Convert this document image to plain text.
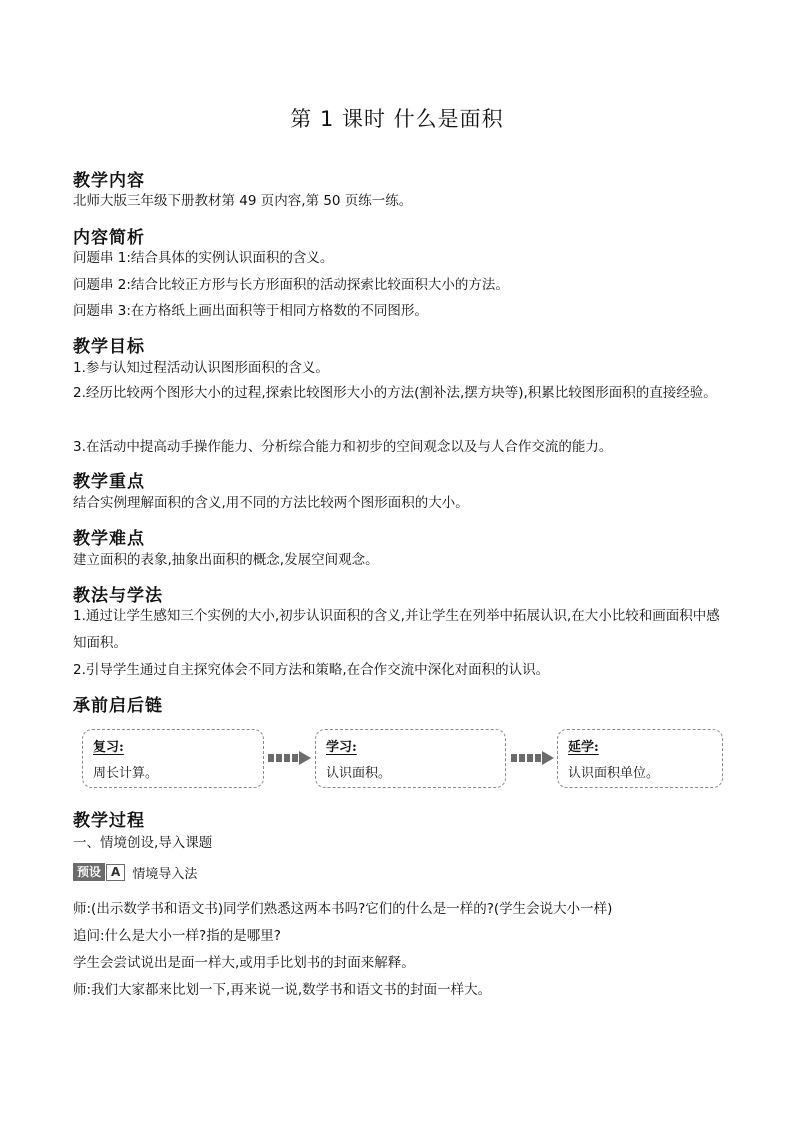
第 1 课时 什么是面积
教学内容
北师大版三年级下册教材第 49 页内容,第 50 页练一练。
内容简析
问题串 1:结合具体的实例认识面积的含义。
问题串 2:结合比较正方形与长方形面积的活动探索比较面积大小的方法。
问题串 3:在方格纸上画出面积等于相同方格数的不同图形。
教学目标
1.参与认知过程活动认识图形面积的含义。
2.经历比较两个图形大小的过程,探索比较图形大小的方法(割补法,摆方块等),积累比较图形面积的直接经验。
3.在活动中提高动手操作能力、分析综合能力和初步的空间观念以及与人合作交流的能力。
教学重点
结合实例理解面积的含义,用不同的方法比较两个图形面积的大小。
教学难点
建立面积的表象,抽象出面积的概念,发展空间观念。
教法与学法
1.通过让学生感知三个实例的大小,初步认识面积的含义,并让学生在列举中拓展认识,在大小比较和画面积中感知面积。
2.引导学生通过自主探究体会不同方法和策略,在合作交流中深化对面积的认识。
承前启后链
复习:
周长计算。
学习:
认识面积。
延学:
认识面积单位。
教学过程
一、情境创设,导入课题
预设 A 情境导入法
师:(出示数学书和语文书)同学们熟悉这两本书吗?它们的什么是一样的?(学生会说大小一样)
追问:什么是大小一样?指的是哪里?
学生会尝试说出是面一样大,或用手比划书的封面来解释。
师:我们大家都来比划一下,再来说一说,数学书和语文书的封面一样大。
